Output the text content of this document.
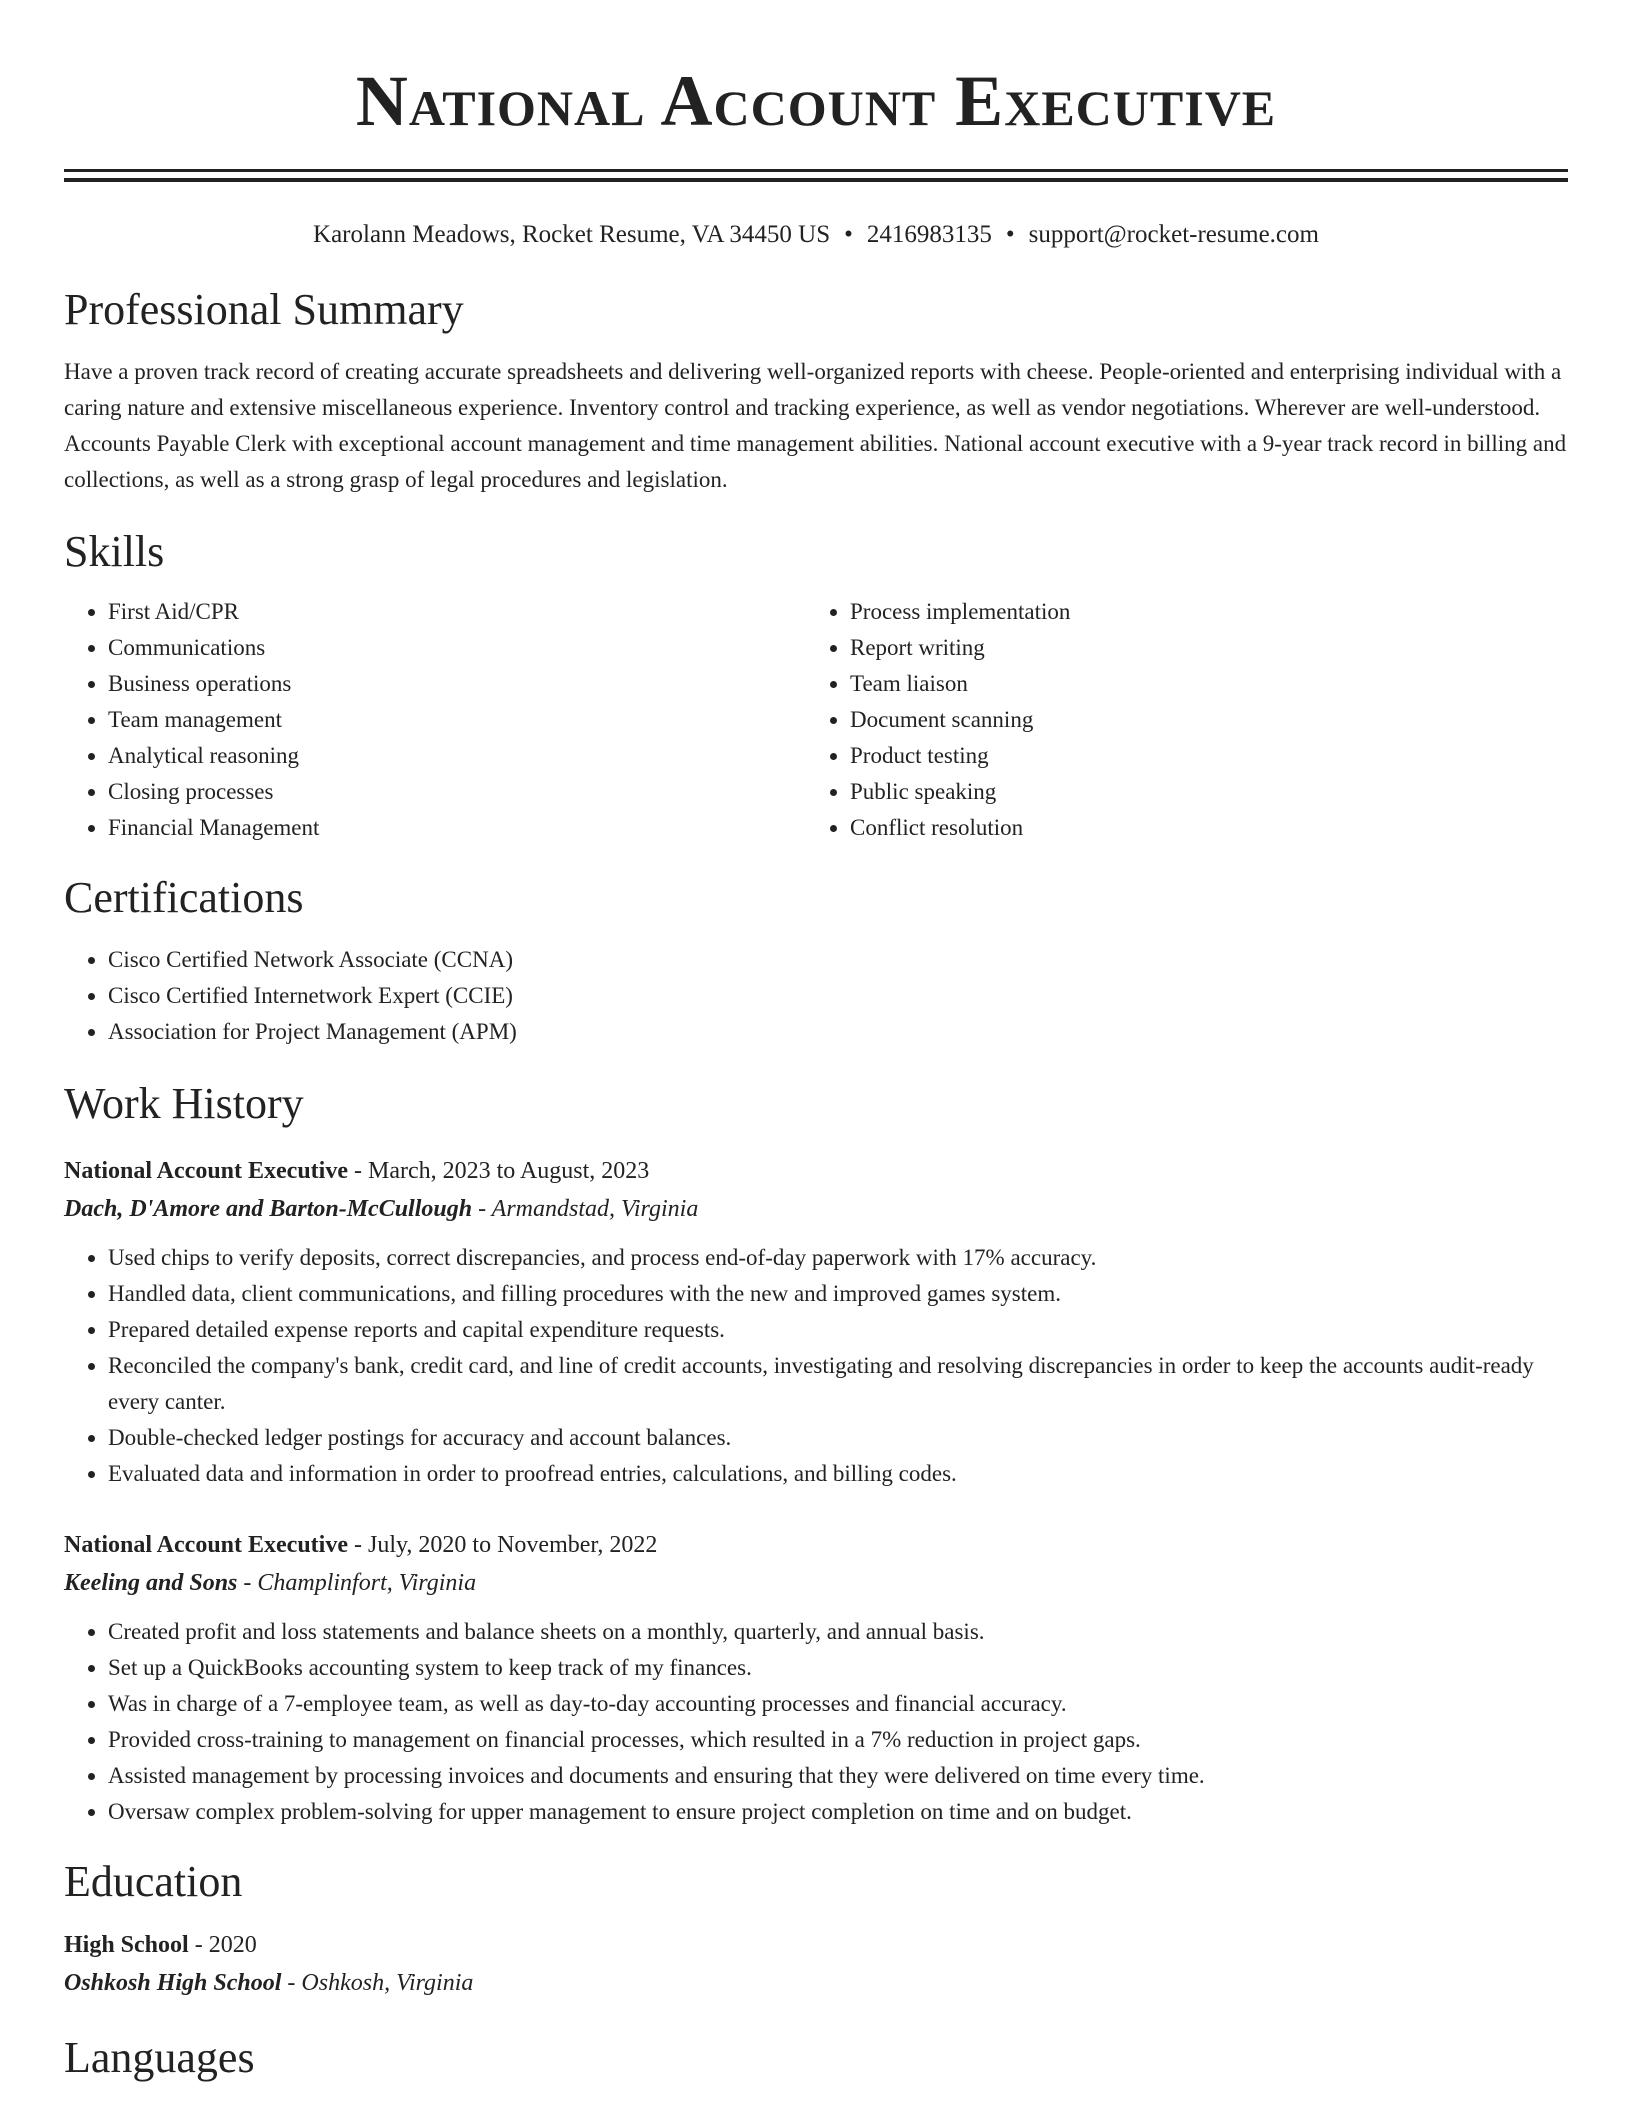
National Account Executive
Karolann Meadows, Rocket Resume, VA 34450 US • 2416983135 • support@rocket-resume.com
Professional Summary

Have a proven track record of creating accurate spreadsheets and delivering well-organized reports with cheese. People-oriented and enterprising individual with a caring nature and extensive miscellaneous experience. Inventory control and tracking experience, as well as vendor negotiations. Wherever are well-understood. Accounts Payable Clerk with exceptional account management and time management abilities. National account executive with a 9-year track record in billing and collections, as well as a strong grasp of legal procedures and legislation.

Skills
• First Aid/CPR
• Communications
• Business operations
• Team management
• Analytical reasoning
• Closing processes
• Financial Management
• Process implementation
• Report writing
• Team liaison
• Document scanning
• Product testing
• Public speaking
• Conflict resolution
Certifications
• Cisco Certified Network Associate (CCNA)
• Cisco Certified Internetwork Expert (CCIE)
• Association for Project Management (APM)
Work History
National Account Executive - March, 2023 to August, 2023
Dach, D'Amore and Barton-McCullough - Armandstad, Virginia
• Used chips to verify deposits, correct discrepancies, and process end-of-day paperwork with 17% accuracy.
• Handled data, client communications, and filling procedures with the new and improved games system.
• Prepared detailed expense reports and capital expenditure requests.
• Reconciled the company's bank, credit card, and line of credit accounts, investigating and resolving discrepancies in order to keep the accounts audit-ready every canter.
• Double-checked ledger postings for accuracy and account balances.
• Evaluated data and information in order to proofread entries, calculations, and billing codes.
National Account Executive - July, 2020 to November, 2022
Keeling and Sons - Champlinfort, Virginia
• Created profit and loss statements and balance sheets on a monthly, quarterly, and annual basis.
• Set up a QuickBooks accounting system to keep track of my finances.
• Was in charge of a 7-employee team, as well as day-to-day accounting processes and financial accuracy.
• Provided cross-training to management on financial processes, which resulted in a 7% reduction in project gaps.
• Assisted management by processing invoices and documents and ensuring that they were delivered on time every time.
• Oversaw complex problem-solving for upper management to ensure project completion on time and on budget.
Education
High School - 2020
Oshkosh High School - Oshkosh, Virginia
Languages
